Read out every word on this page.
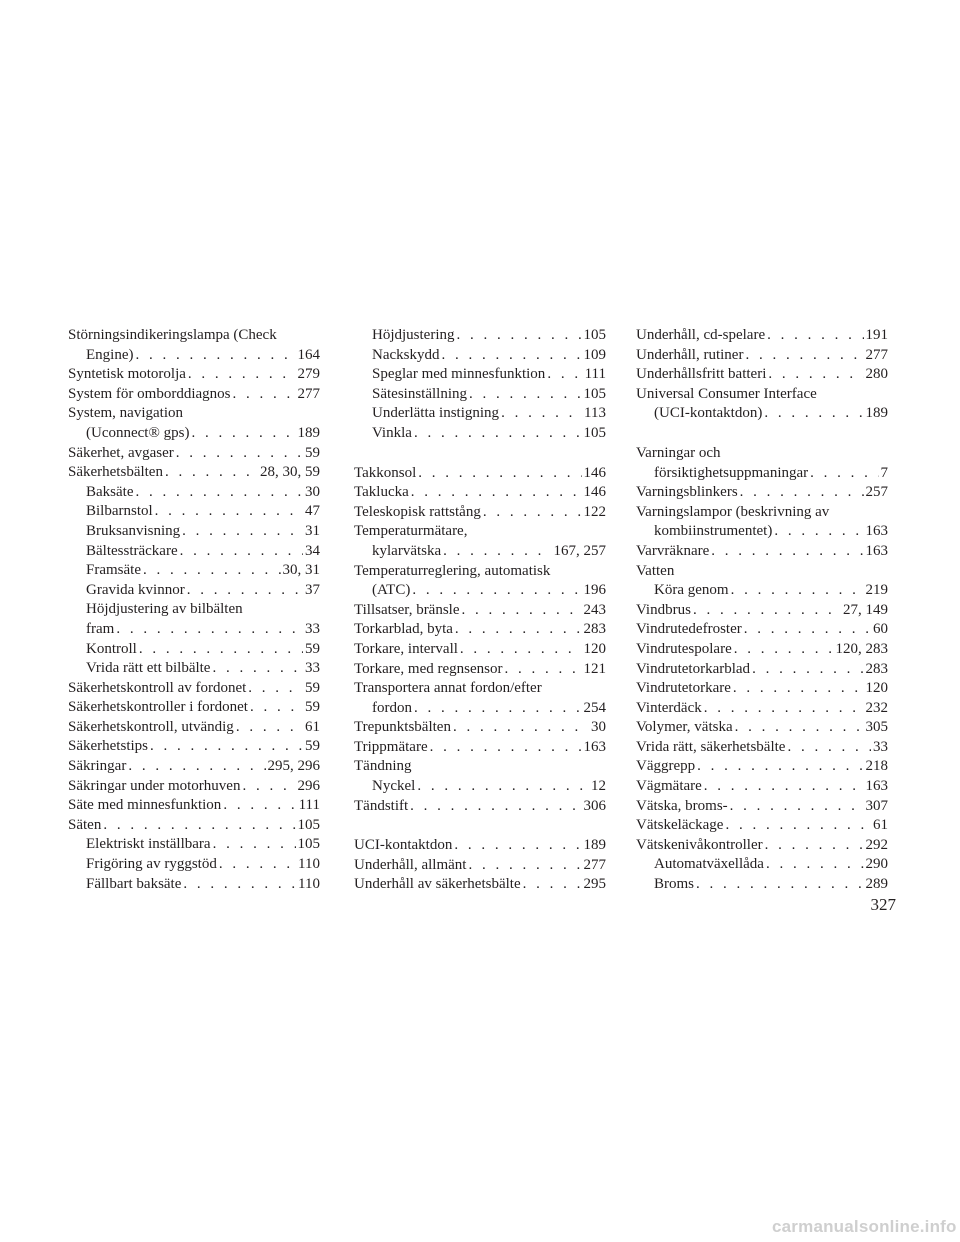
Störningsindikeringslampa (Check
Engine) . . .	164
Syntetisk motorolja . . .	279
System för omborddiagnos . . .	277
System, navigation
(Uconnect® gps) . . .	189
Säkerhet, avgaser . . .	59
Säkerhetsbälten . . .	28, 30, 59
Baksäte . . .	30
Bilbarnstol . . .	47
Bruksanvisning . . .	31
Bältessträckare . . .	34
Framsäte . . .	30, 31
Gravida kvinnor . . .	37
Höjdjustering av bilbälten
fram . . .	33
Kontroll . . .	59
Vrida rätt ett bilbälte . . .	33
Säkerhetskontroll av fordonet . . .	59
Säkerhetskontroller i fordonet . . .	59
Säkerhetskontroll, utvändig . . .	61
Säkerhetstips . . .	59
Säkringar . . .	295, 296
Säkringar under motorhuven . . .	296
Säte med minnesfunktion . . .	111
Säten . . .	105
Elektriskt inställbara . . .	105
Frigöring av ryggstöd . . .	110
Fällbart baksäte . . .	110
Höjdjustering . . .	105
Nackskydd . . .	109
Speglar med minnesfunktion . . .	111
Sätesinställning . . .	105
Underlätta instigning . . .	113
Vinkla . . .	105
Takkonsol . . .	146
Taklucka . . .	146
Teleskopisk rattstång . . .	122
Temperaturmätare,
kylarvätska . . .	167, 257
Temperaturreglering, automatisk
(ATC) . . .	196
Tillsatser, bränsle . . .	243
Torkarblad, byta . . .	283
Torkare, intervall . . .	120
Torkare, med regnsensor . . .	121
Transportera annat fordon/efter
fordon . . .	254
Trepunktsbälten . . .	30
Trippmätare . . .	163
Tändning
Nyckel . . .	12
Tändstift . . .	306
UCI-kontaktdon . . .	189
Underhåll, allmänt . . .	277
Underhåll av säkerhetsbälte . . .	295
Underhåll, cd-spelare . . .	191
Underhåll, rutiner . . .	277
Underhållsfritt batteri . . .	280
Universal Consumer Interface
(UCI-kontaktdon) . . .	189
Varningar och
försiktighetsuppmaningar . . .	7
Varningsblinkers . . .	257
Varningslampor (beskrivning av
kombiinstrumentet) . . .	163
Varvräknare . . .	163
Vatten
Köra genom . . .	219
Vindbrus . . .	27, 149
Vindrutedefroster . . .	60
Vindrutespolare . . .	120, 283
Vindrutetorkarblad . . .	283
Vindrutetorkare . . .	120
Vinterdäck . . .	232
Volymer, vätska . . .	305
Vrida rätt, säkerhetsbälte . . .	33
Väggrepp . . .	218
Vägmätare . . .	163
Vätska, broms- . . .	307
Vätskeläckage . . .	61
Vätskenivåkontroller . . .	292
Automatväxellåda . . .	290
Broms . . .	289
327
carmanualsonline.info
